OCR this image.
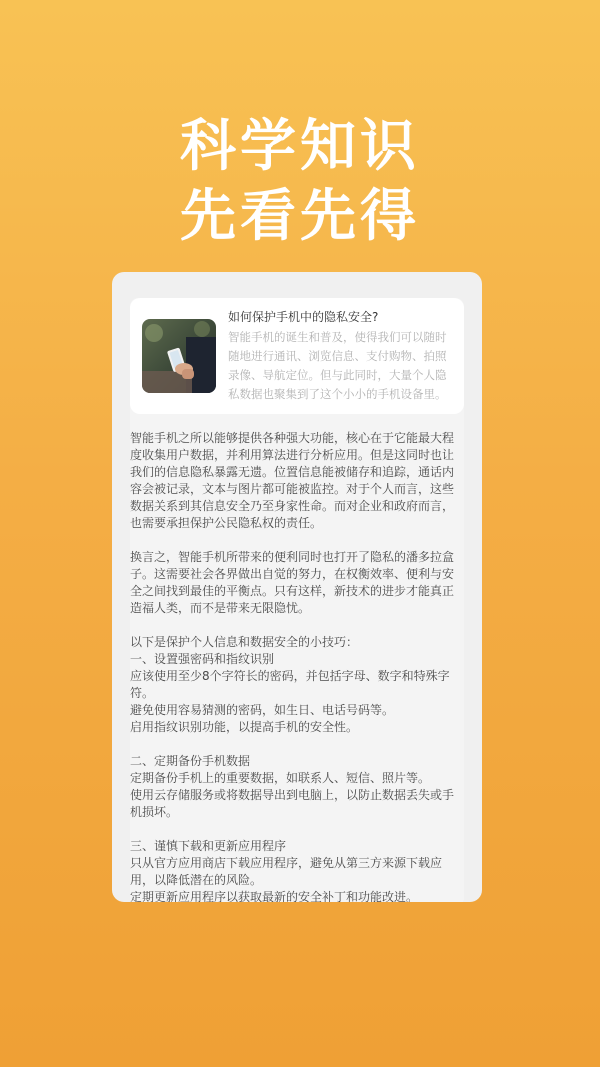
科学知识
先看先得
如何保护手机中的隐私安全?
智能手机的诞生和普及，使得我们可以随时随地进行通讯、浏览信息、支付购物、拍照录像、导航定位。但与此同时，大量个人隐私数据也聚集到了这个小小的手机设备里。

智能手机之所以能够提供各种强大功能，核心在于它能最大程度收集用户数据，并利用算法进行分析应用。但是这同时也让我们的信息隐私暴露无遗。位置信息能被储存和追踪，通话内容会被记录，文本与图片都可能被监控。对于个人而言，这些数据关系到其信息安全乃至身家性命。而对企业和政府而言，也需要承担保护公民隐私权的责任。

换言之，智能手机所带来的便利同时也打开了隐私的潘多拉盒子。这需要社会各界做出自觉的努力，在权衡效率、便利与安全之间找到最佳的平衡点。只有这样，新技术的进步才能真正造福人类，而不是带来无限隐忧。

以下是保护个人信息和数据安全的小技巧：
一、设置强密码和指纹识别
应该使用至少8个字符长的密码，并包括字母、数字和特殊字符。
避免使用容易猜测的密码，如生日、电话号码等。
启用指纹识别功能，以提高手机的安全性。

二、定期备份手机数据
定期备份手机上的重要数据，如联系人、短信、照片等。
使用云存储服务或将数据导出到电脑上，以防止数据丢失或手机损坏。

三、谨慎下载和更新应用程序
只从官方应用商店下载应用程序，避免从第三方来源下载应用，以降低潜在的风险。
定期更新应用程序以获取最新的安全补丁和功能改进。
